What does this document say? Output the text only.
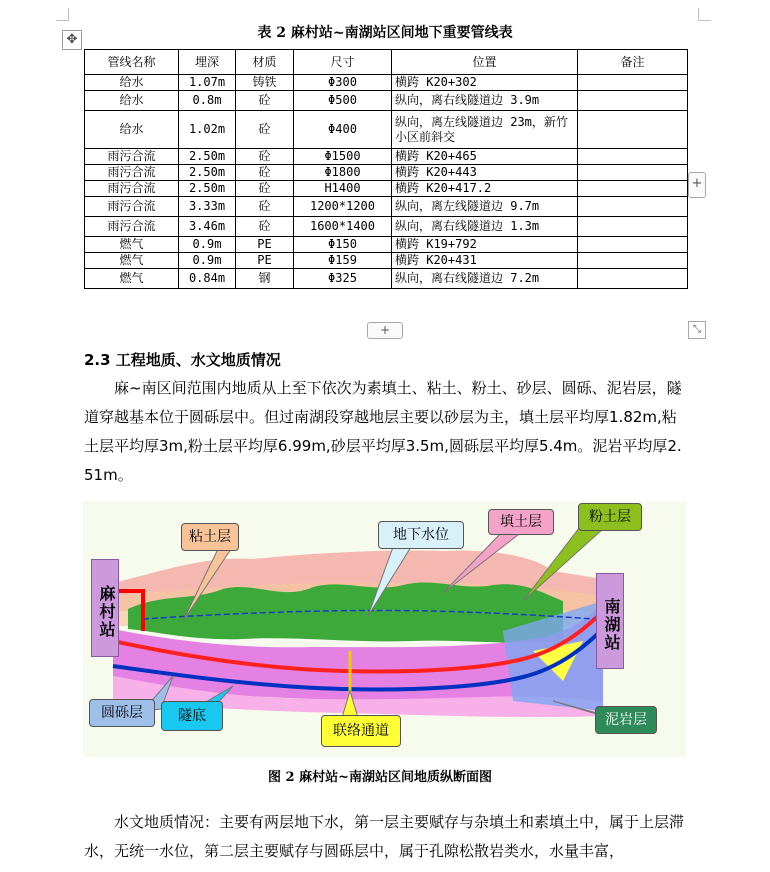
✥	表 2 麻村站~南湖站区间地下重要管线表
管线名称	埋深	材质	尺寸	位置	备注
给水	1.07m	铸铁	Φ300	横跨 K20+302	
给水	0.8m	砼	Φ500	纵向，离右线隧道边 3.9m	
给水	1.02m	砼	Φ400	纵向，离左线隧道边 23m，新竹小区前斜交	
雨污合流	2.50m	砼	Φ1500	横跨 K20+465	
雨污合流	2.50m	砼	Φ1800	横跨 K20+443	
雨污合流	2.50m	砼	H1400	横跨 K20+417.2	
雨污合流	3.33m	砼	1200*1200	纵向，离左线隧道边 9.7m	
雨污合流	3.46m	砼	1600*1400	纵向，离右线隧道边 1.3m	
燃气	0.9m	PE	Φ150	横跨 K19+792	
燃气	0.9m	PE	Φ159	横跨 K20+431	
燃气	0.84m	钢	Φ325	纵向，离右线隧道边 7.2m	
+
+	⤡
2.3 工程地质、水文地质情况
麻~南区间范围内地质从上至下依次为素填土、粘土、粉土、砂层、圆砾、泥岩层，隧道穿越基本位于圆砾层中。但过南湖段穿越地层主要以砂层为主，填土层平均厚1.82m,粘土层平均厚3m,粉土层平均厚6.99m,砂层平均厚3.5m,圆砾层平均厚5.4m。泥岩平均厚2.51m。
麻村站	南湖站
粘土层	地下水位
填土层	粉土层
圆砾层	隧底
联络通道
泥岩层
图 2 麻村站~南湖站区间地质纵断面图
水文地质情况：主要有两层地下水，第一层主要赋存与杂填土和素填土中，属于上层滞水，无统一水位，第二层主要赋存与圆砾层中，属于孔隙松散岩类水，水量丰富，
